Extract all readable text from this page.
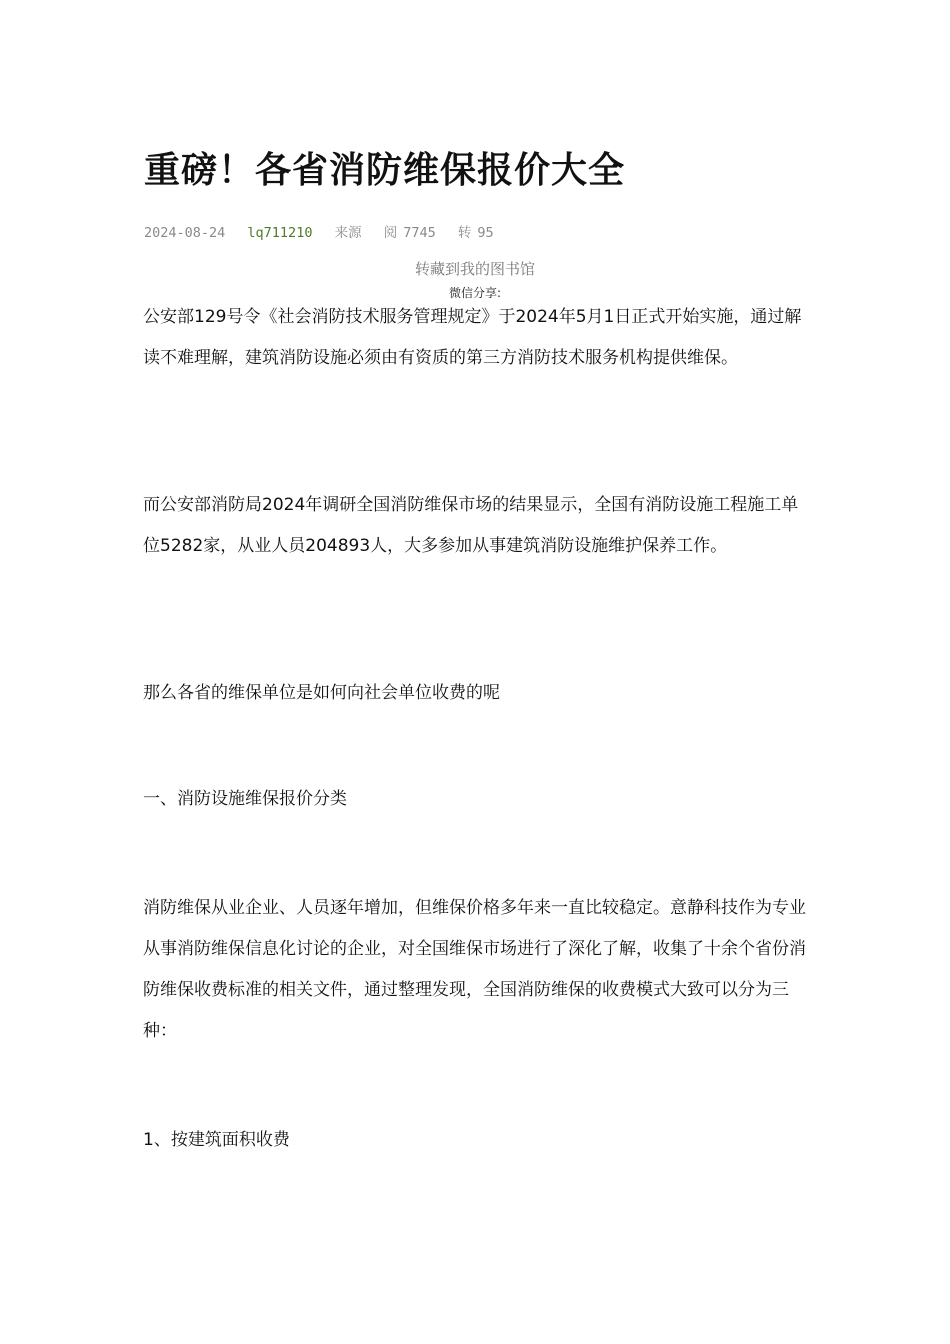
重磅！各省消防维保报价大全
2024-08-24 lq711210 来源 阅 7745 转 95
转藏到我的图书馆
微信分享:

公安部129号令《社会消防技术服务管理规定》于2024年5月1日正式开始实施，通过解读不难理解，建筑消防设施必须由有资质的第三方消防技术服务机构提供维保。

而公安部消防局2024年调研全国消防维保市场的结果显示，全国有消防设施工程施工单位5282家，从业人员204893人，大多参加从事建筑消防设施维护保养工作。

那么各省的维保单位是如何向社会单位收费的呢

一、消防设施维保报价分类

消防维保从业企业、人员逐年增加，但维保价格多年来一直比较稳定。意静科技作为专业从事消防维保信息化讨论的企业，对全国维保市场进行了深化了解，收集了十余个省份消防维保收费标准的相关文件，通过整理发现，全国消防维保的收费模式大致可以分为三种：

1、按建筑面积收费
